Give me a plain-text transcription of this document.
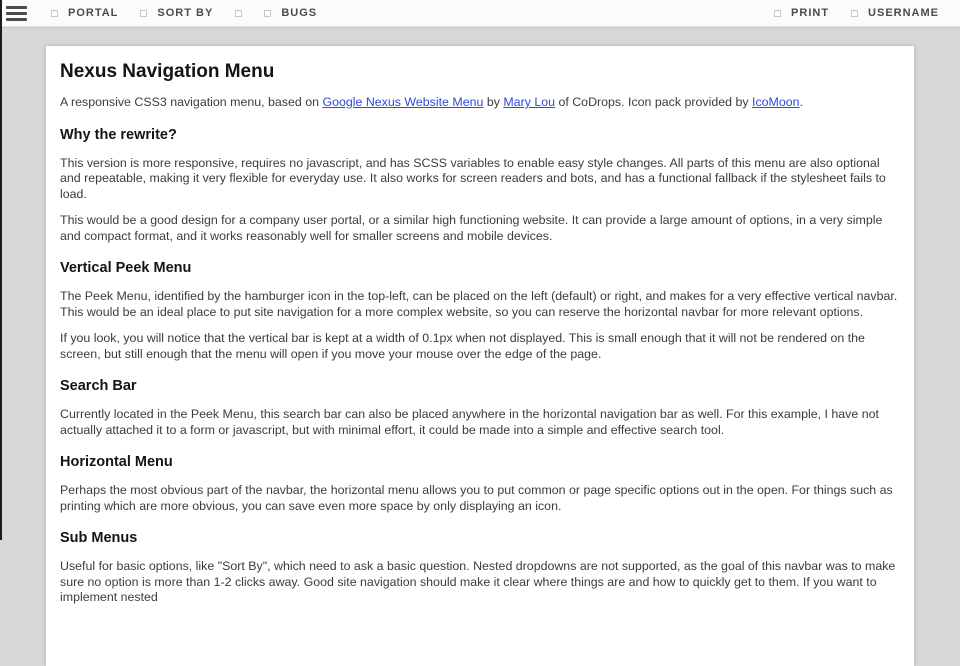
PORTAL	SORT BY	BUGS	PRINT	USERNAME
Nexus Navigation Menu

A responsive CSS3 navigation menu, based on Google Nexus Website Menu by Mary Lou of CoDrops. Icon pack provided by IcoMoon.

Why the rewrite?

This version is more responsive, requires no javascript, and has SCSS variables to enable easy style changes. All parts of this menu are also optional and repeatable, making it very flexible for everyday use. It also works for screen readers and bots, and has a functional fallback if the stylesheet fails to load.

This would be a good design for a company user portal, or a similar high functioning website. It can provide a large amount of options, in a very simple and compact format, and it works reasonably well for smaller screens and mobile devices.

Vertical Peek Menu

The Peek Menu, identified by the hamburger icon in the top-left, can be placed on the left (default) or right, and makes for a very effective vertical navbar. This would be an ideal place to put site navigation for a more complex website, so you can reserve the horizontal navbar for more relevant options.

If you look, you will notice that the vertical bar is kept at a width of 0.1px when not displayed. This is small enough that it will not be rendered on the screen, but still enough that the menu will open if you move your mouse over the edge of the page.

Search Bar

Currently located in the Peek Menu, this search bar can also be placed anywhere in the horizontal navigation bar as well. For this example, I have not actually attached it to a form or javascript, but with minimal effort, it could be made into a simple and effective search tool.

Horizontal Menu

Perhaps the most obvious part of the navbar, the horizontal menu allows you to put common or page specific options out in the open. For things such as printing which are more obvious, you can save even more space by only displaying an icon.

Sub Menus

Useful for basic options, like "Sort By", which need to ask a basic question. Nested dropdowns are not supported, as the goal of this navbar was to make sure no option is more than 1-2 clicks away. Good site navigation should make it clear where things are and how to quickly get to them. If you want to implement nested
